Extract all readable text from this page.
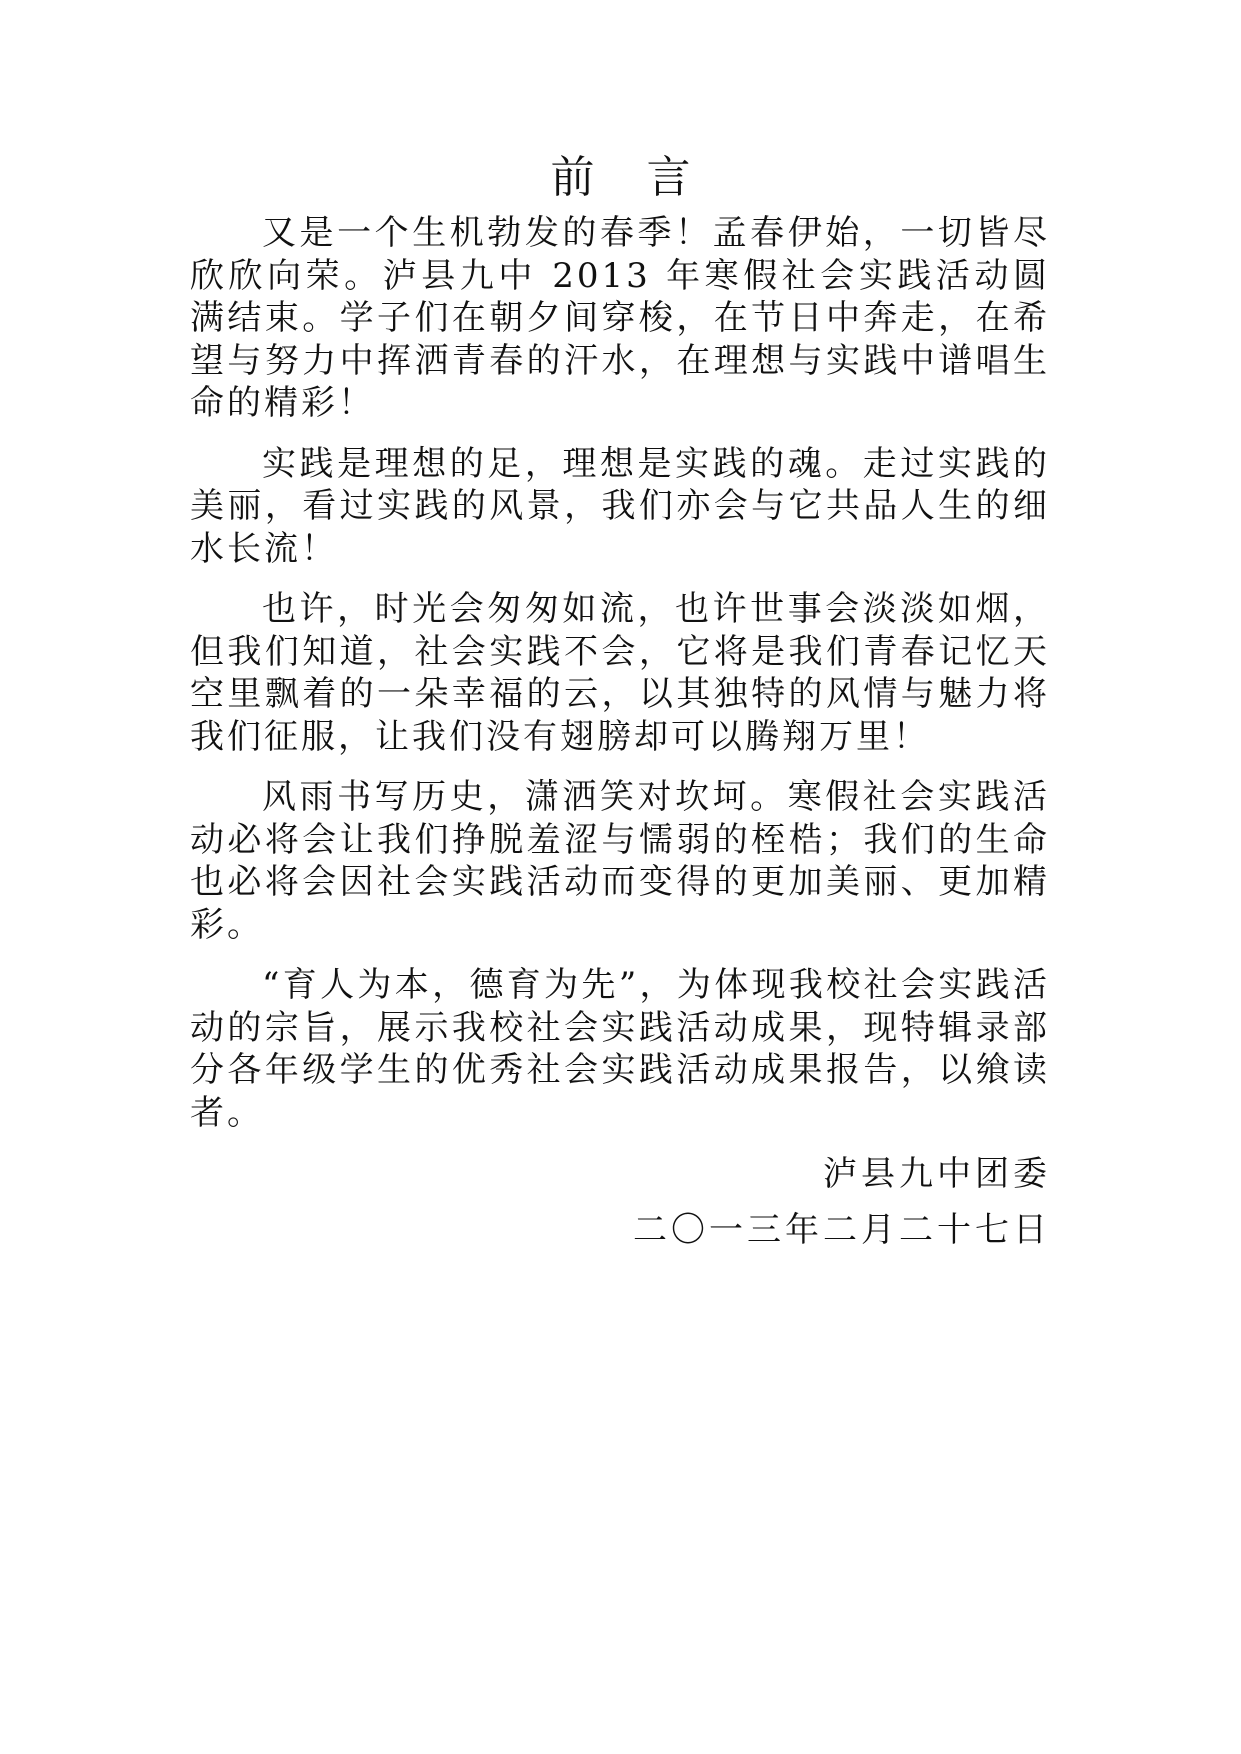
前言

又是一个生机勃发的春季！孟春伊始，一切皆尽欣欣向荣。泸县九中 2013 年寒假社会实践活动圆满结束。学子们在朝夕间穿梭，在节日中奔走，在希望与努力中挥洒青春的汗水，在理想与实践中谱唱生命的精彩！

实践是理想的足，理想是实践的魂。走过实践的美丽，看过实践的风景，我们亦会与它共品人生的细水长流！

也许，时光会匆匆如流，也许世事会淡淡如烟，但我们知道，社会实践不会，它将是我们青春记忆天空里飘着的一朵幸福的云，以其独特的风情与魅力将我们征服，让我们没有翅膀却可以腾翔万里！

风雨书写历史，潇洒笑对坎坷。寒假社会实践活动必将会让我们挣脱羞涩与懦弱的桎梏；我们的生命也必将会因社会实践活动而变得的更加美丽、更加精彩。

“育人为本，德育为先”，为体现我校社会实践活动的宗旨，展示我校社会实践活动成果，现特辑录部分各年级学生的优秀社会实践活动成果报告，以飨读者。

泸县九中团委
二〇一三年二月二十七日
